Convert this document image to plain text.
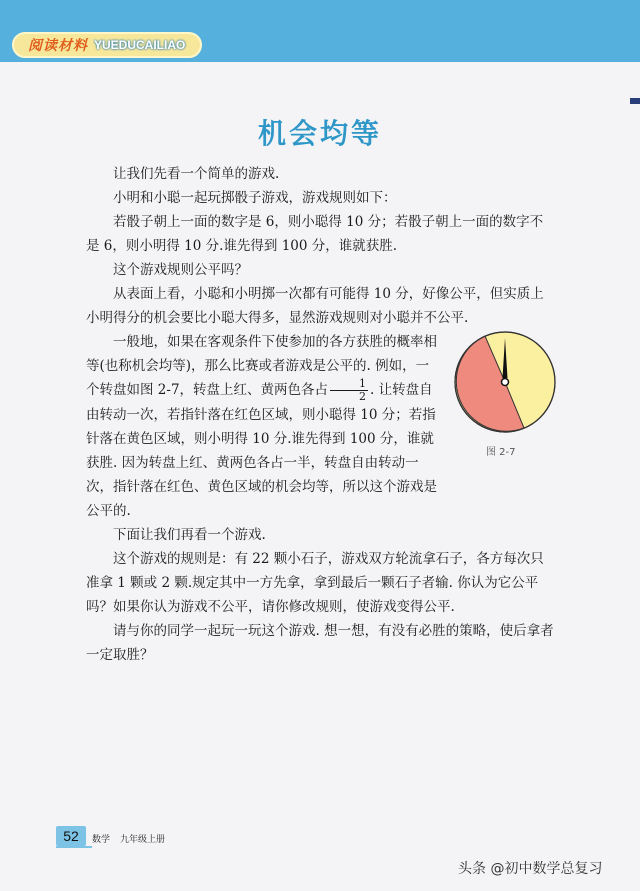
阅读材料 YUEDUCAILIAO
机会均等

让我们先看一个简单的游戏.

小明和小聪一起玩掷骰子游戏，游戏规则如下：

若骰子朝上一面的数字是 6，则小聪得 10 分；若骰子朝上一面的数字不是 6，则小明得 10 分.谁先得到 100 分，谁就获胜.

这个游戏规则公平吗？

从表面上看，小聪和小明掷一次都有可能得 10 分，好像公平，但实质上小明得分的机会要比小聪大得多，显然游戏规则对小聪并不公平.

一般地，如果在客观条件下使参加的各方获胜的概率相等(也称机会均等)，那么比赛或者游戏是公平的. 例如，一个转盘如图 2-7，转盘上红、黄两色各占 $\frac{1}{2}$ . 让转盘自由转动一次，若指针落在红色区域，则小聪得 10 分；若指针落在黄色区域，则小明得 10 分.谁先得到 100 分，谁就获胜. 因为转盘上红、黄两色各占一半，转盘自由转动一次，指针落在红色、黄色区域的机会均等，所以这个游戏是公平的.

下面让我们再看一个游戏.

这个游戏的规则是：有 22 颗小石子，游戏双方轮流拿石子，各方每次只准拿 1 颗或 2 颗.规定其中一方先拿，拿到最后一颗石子者输. 你认为它公平吗？如果你认为游戏不公平，请你修改规则，使游戏变得公平.

请与你的同学一起玩一玩这个游戏. 想一想，有没有必胜的策略，使后拿者一定取胜？

图 2-7
52	数学 九年级上册
头条 @初中数学总复习
